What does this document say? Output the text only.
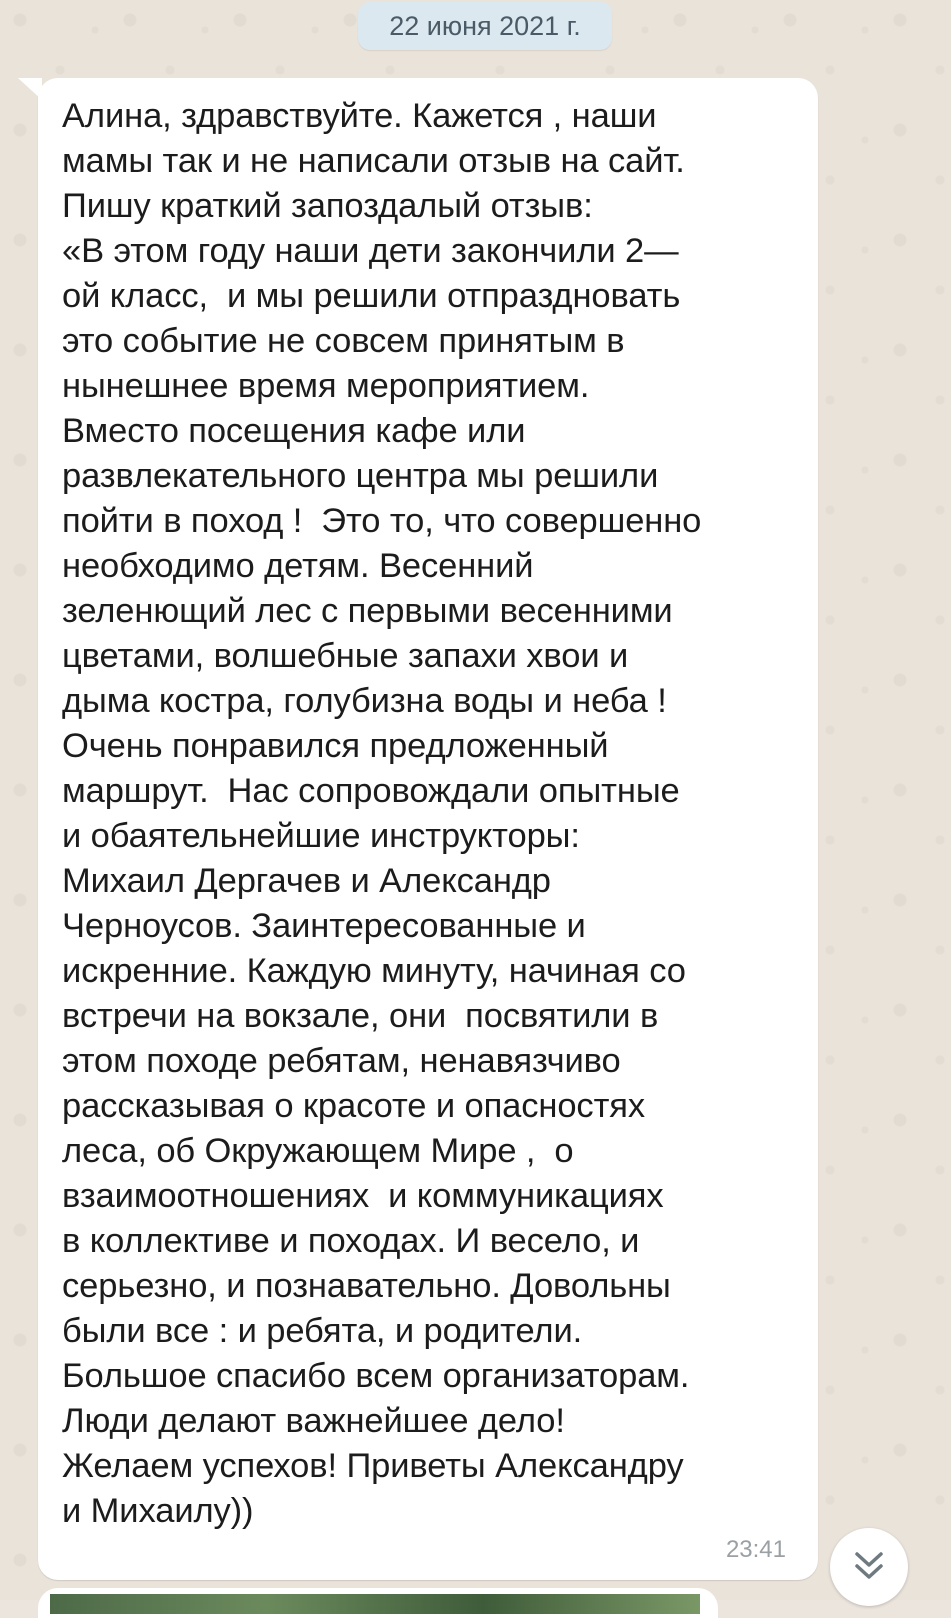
22 июня 2021 г.

Алина, здравствуйте. Кажется , наши
мамы так и не написали отзыв на сайт.
Пишу краткий запоздалый отзыв:
«В этом году наши дети закончили 2—
ой класс,  и мы решили отпраздновать
это событие не совсем принятым в
нынешнее время мероприятием.
Вместо посещения кафе или
развлекательного центра мы решили
пойти в поход !  Это то, что совершенно
необходимо детям. Весенний
зеленющий лес с первыми весенними
цветами, волшебные запахи хвои и
дыма костра, голубизна воды и неба !
Очень понравился предложенный
маршрут.  Нас сопровождали опытные
и обаятельнейшие инструкторы:
Михаил Дергачев и Александр
Черноусов. Заинтересованные и
искренние. Каждую минуту, начиная со
встречи на вокзале, они  посвятили в
этом походе ребятам, ненавязчиво
рассказывая о красоте и опасностях
леса, об Окружающем Мире ,  о
взаимоотношениях  и коммуникациях
в коллективе и походах. И весело, и
серьезно, и познавательно. Довольны
были все : и ребята, и родители.
Большое спасибо всем организаторам.
Люди делают важнейшее дело!
Желаем успехов! Приветы Александру
и Михаилу))

23:41
